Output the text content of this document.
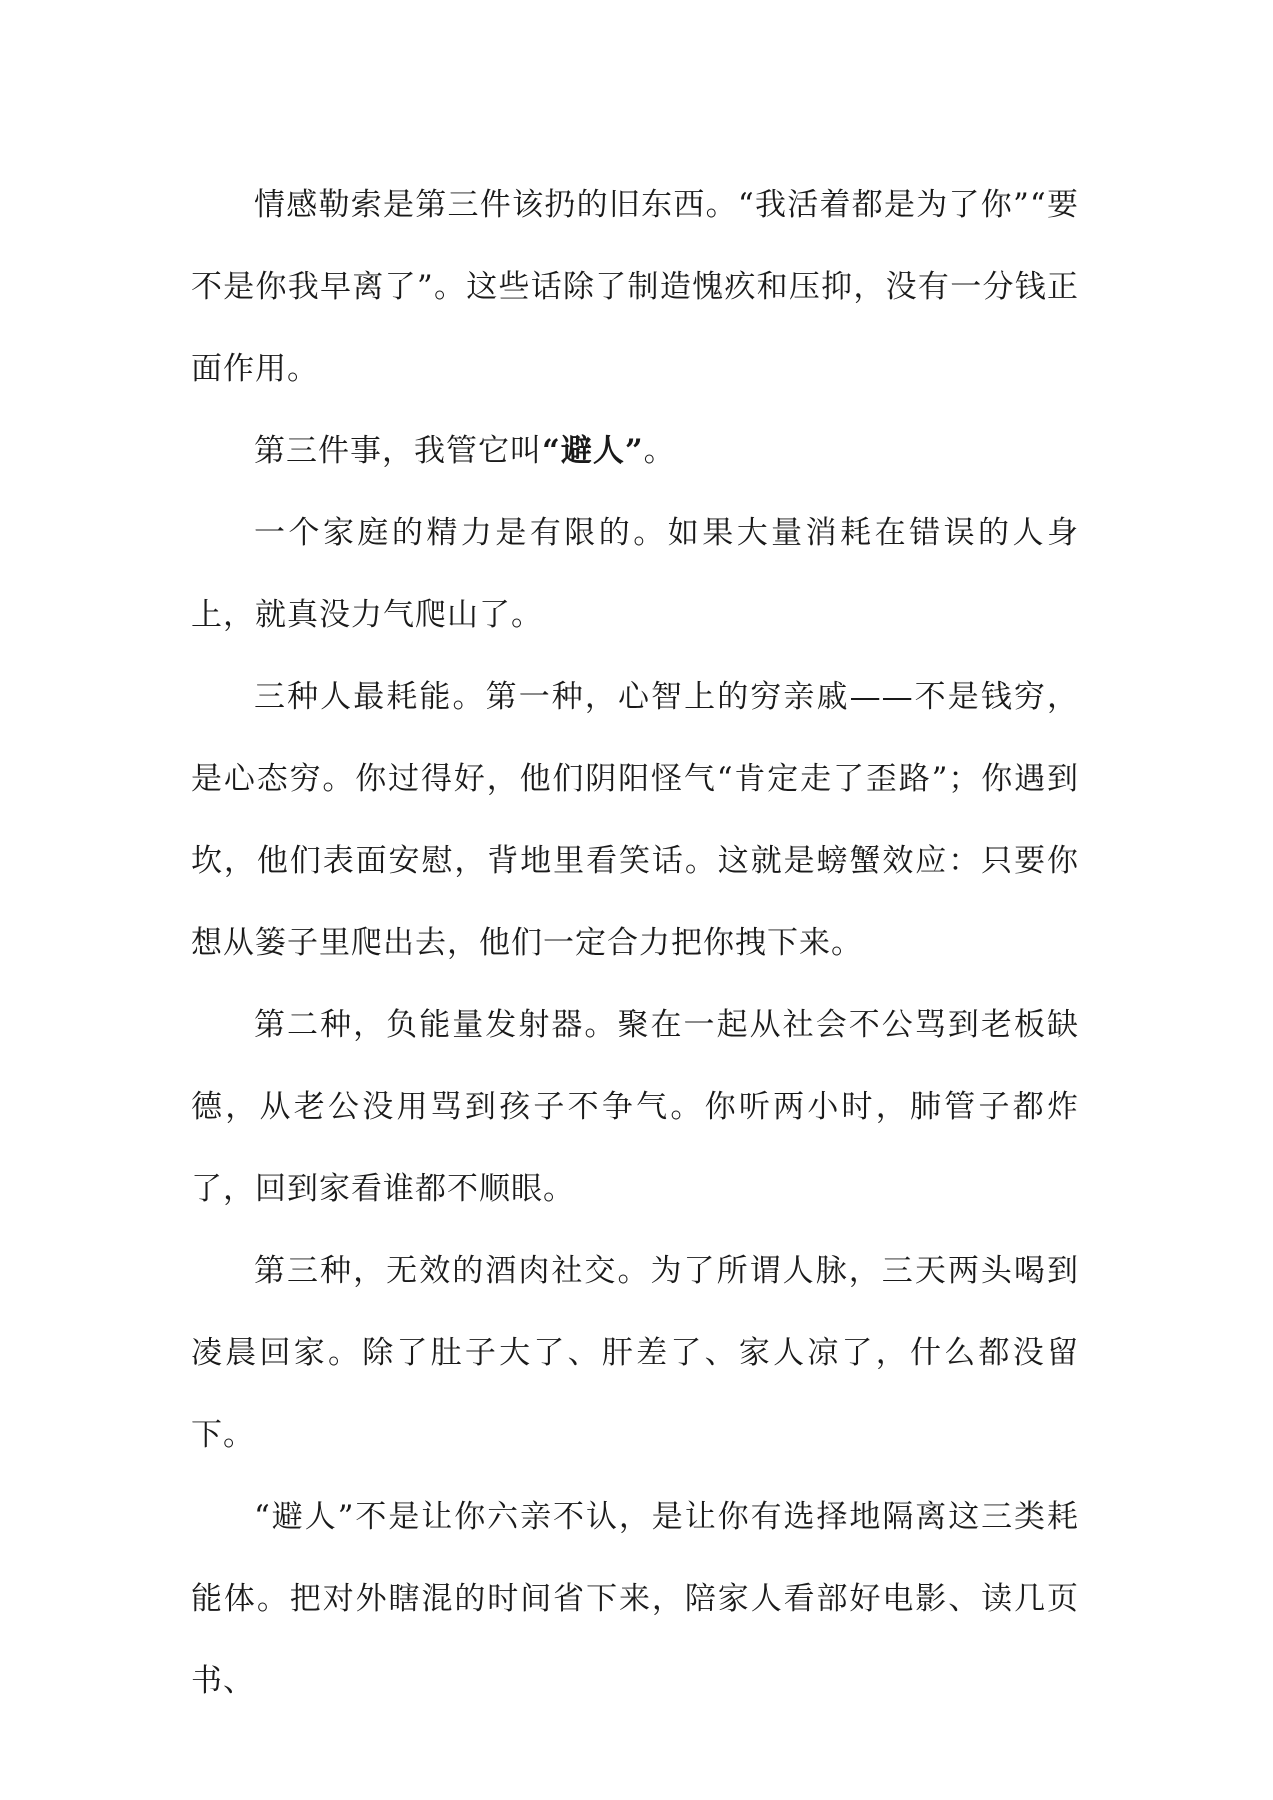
情感勒索是第三件该扔的旧东西。“我活着都是为了你”“要不是你我早离了”。这些话除了制造愧疚和压抑，没有一分钱正面作用。

第三件事，我管它叫“避人”。

一个家庭的精力是有限的。如果大量消耗在错误的人身上，就真没力气爬山了。

三种人最耗能。第一种，心智上的穷亲戚——不是钱穷，是心态穷。你过得好，他们阴阳怪气“肯定走了歪路”；你遇到坎，他们表面安慰，背地里看笑话。这就是螃蟹效应：只要你想从篓子里爬出去，他们一定合力把你拽下来。

第二种，负能量发射器。聚在一起从社会不公骂到老板缺德，从老公没用骂到孩子不争气。你听两小时，肺管子都炸了，回到家看谁都不顺眼。

第三种，无效的酒肉社交。为了所谓人脉，三天两头喝到凌晨回家。除了肚子大了、肝差了、家人凉了，什么都没留下。

“避人”不是让你六亲不认，是让你有选择地隔离这三类耗能体。把对外瞎混的时间省下来，陪家人看部好电影、读几页书、
